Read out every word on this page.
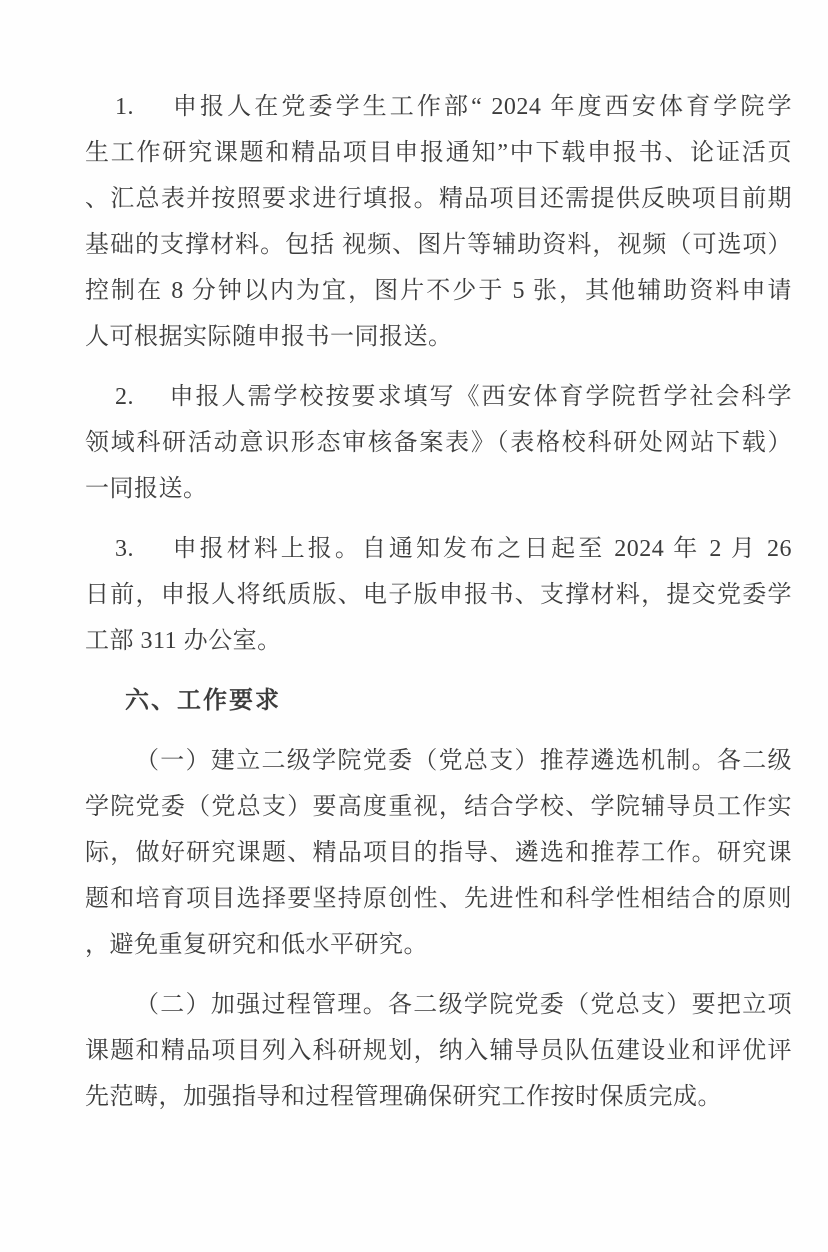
1.　 申报人在党委学生工作部“ 2024 年度西安体育学院学
生工作研究课题和精品项目申报通知”中下载申报书、论证活页
、汇总表并按照要求进行填报。精品项目还需提供反映项目前期
基础的支撑材料。包括 视频、图片等辅助资料，视频（可选项）
控制在 8 分钟以内为宜，图片不少于 5 张，其他辅助资料申请
人可根据实际随申报书一同报送。
2.　 申报人需学校按要求填写《西安体育学院哲学社会科学
领域科研活动意识形态审核备案表》（表格校科研处网站下载）
一同报送。
3.　 申报材料上报。自通知发布之日起至 2024 年 2 月 26
日前，申报人将纸质版、电子版申报书、支撑材料，提交党委学
工部 311 办公室。
六、工作要求
（一）建立二级学院党委（党总支）推荐遴选机制。各二级
学院党委（党总支）要高度重视，结合学校、学院辅导员工作实
际，做好研究课题、精品项目的指导、遴选和推荐工作。研究课
题和培育项目选择要坚持原创性、先进性和科学性相结合的原则
，避免重复研究和低水平研究。
（二）加强过程管理。各二级学院党委（党总支）要把立项
课题和精品项目列入科研规划，纳入辅导员队伍建设业和评优评
先范畴，加强指导和过程管理确保研究工作按时保质完成。
